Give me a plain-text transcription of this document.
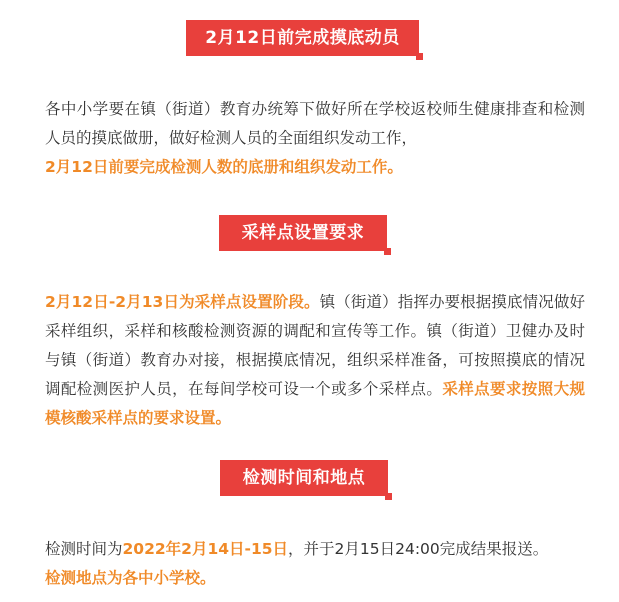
2月12日前完成摸底动员
各中小学要在镇（街道）教育办统筹下做好所在学校返校师生健康排查和检测人员的摸底做册，做好检测人员的全面组织发动工作，
2月12日前要完成检测人数的底册和组织发动工作。
采样点设置要求
2月12日-2月13日为采样点设置阶段。镇（街道）指挥办要根据摸底情况做好采样组织，采样和核酸检测资源的调配和宣传等工作。镇（街道）卫健办及时与镇（街道）教育办对接，根据摸底情况，组织采样准备，可按照摸底的情况调配检测医护人员，在每间学校可设一个或多个采样点。采样点要求按照大规模核酸采样点的要求设置。
检测时间和地点
检测时间为2022年2月14日-15日，并于2月15日24:00完成结果报送。
检测地点为各中小学校。
